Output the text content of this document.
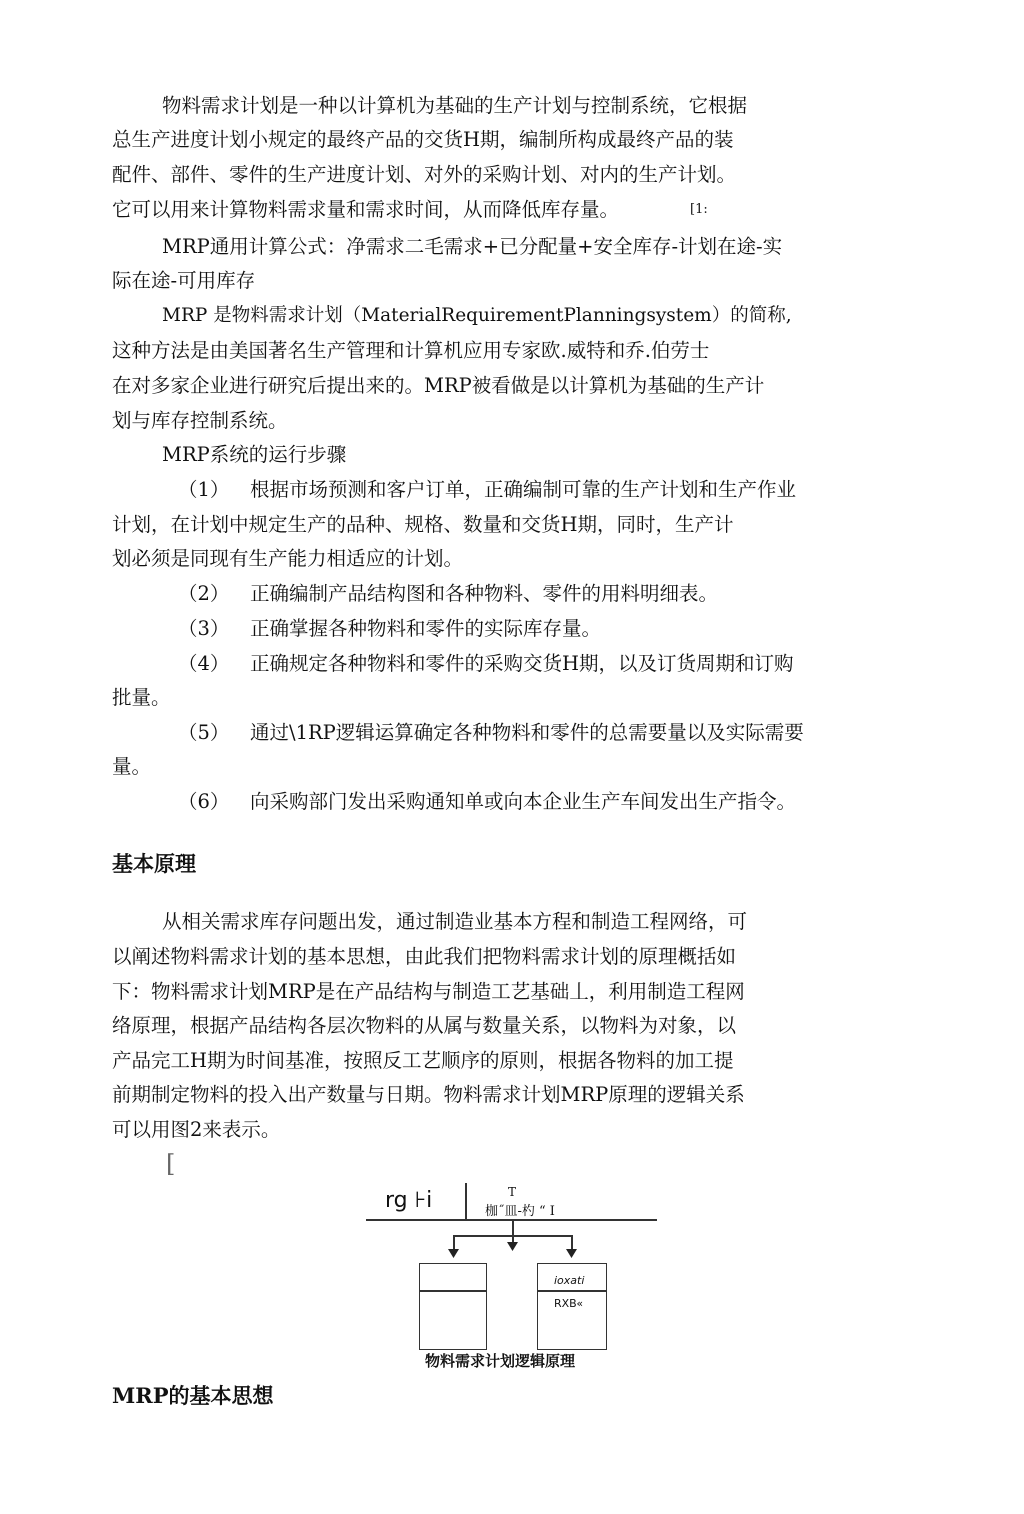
物料需求计划是一种以计算机为基础的生产计划与控制系统，它根据
总生产进度计划小规定的最终产品的交货H期，编制所构成最终产品的装
配件、部件、零件的生产进度计划、对外的采购计划、对内的生产计划。
它可以用来计算物料需求量和需求时间，从而降低库存量。	[1:
MRP通用计算公式：净需求二毛需求+已分配量+安全库存-计划在途-实
际在途-可用库存
MRP 是物料需求计划（MaterialRequirementPlanningsystem）的简称,
这种方法是由美国著名生产管理和计算机应用专家欧.威特和乔.伯劳士
在对多家企业进行研究后提出来的。MRP被看做是以计算机为基础的生产计
划与库存控制系统。
MRP系统的运行步骤
（1） 根据市场预测和客户订单，正确编制可靠的生产计划和生产作业
计划，在计划中规定生产的品种、规格、数量和交货H期，同时，生产计
划必须是同现有生产能力相适应的计划。
（2） 正确编制产品结构图和各种物料、零件的用料明细表。
（3） 正确掌握各种物料和零件的实际库存量。
（4） 正确规定各种物料和零件的采购交货H期，以及订货周期和订购
批量。
（5） 通过\1RP逻辑运算确定各种物料和零件的总需要量以及实际需要
量。
（6） 向采购部门发出采购通知单或向本企业生产车间发出生产指令。
基本原理
从相关需求库存问题出发，通过制造业基本方程和制造工程网络，可
以阐述物料需求计划的基本思想，由此我们把物料需求计划的原理概括如
下：物料需求计划MRP是在产品结构与制造工艺基础丄，利用制造工程网
络原理，根据产品结构各层次物料的从属与数量关系，以物料为对象，以
产品完工H期为时间基准，按照反工艺顺序的原则，根据各物料的加工提
前期制定物料的投入出产数量与日期。物料需求计划MRP原理的逻辑关系
可以用图2来表示。
[
rg ⊦i	T
枷˝皿-杓 “ I
ioxati
RXB«
物料需求计划逻辑原理
MRP的基本思想
